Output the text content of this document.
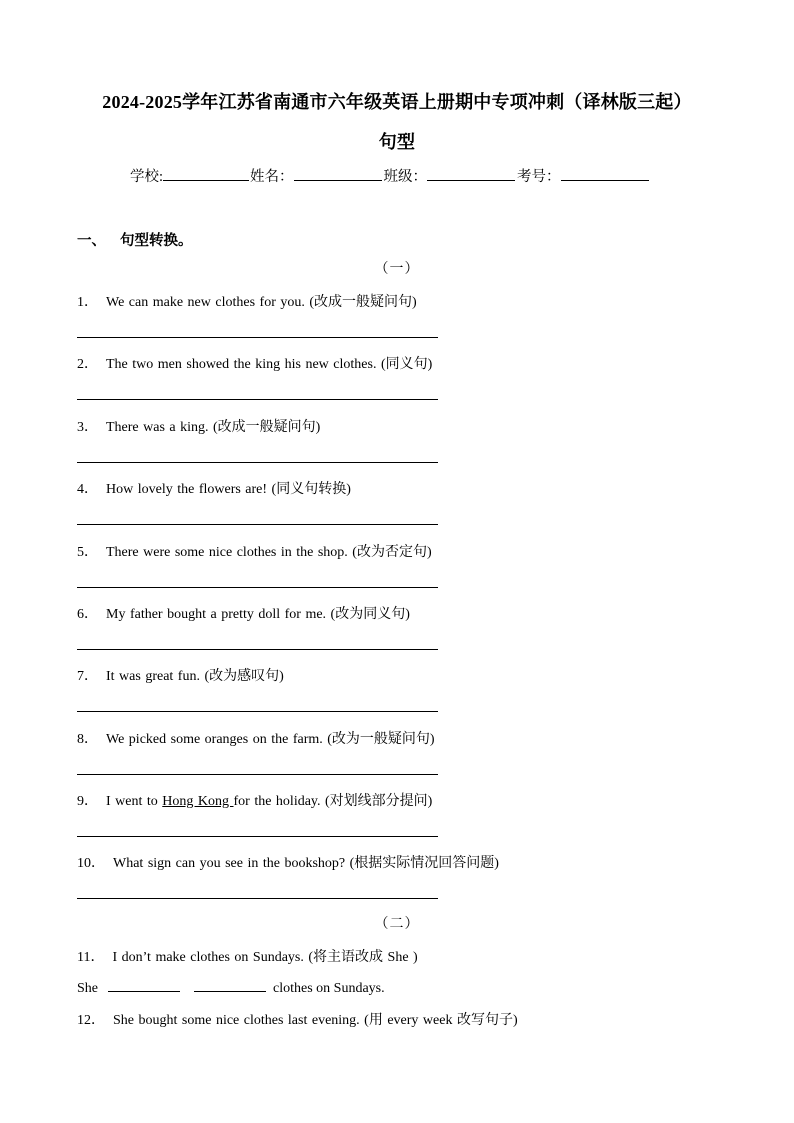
2024-2025学年江苏省南通市六年级英语上册期中专项冲刺（译林版三起）
句型
学校:	姓名：	班级：	考号：
一、 句型转换。
（一）
1． We can make new clothes for you. (改成一般疑问句)
2． The two men showed the king his new clothes. (同义句)
3． There was a king. (改成一般疑问句)
4． How lovely the flowers are! (同义句转换)
5． There were some nice clothes in the shop. (改为否定句)
6． My father bought a pretty doll for me. (改为同义句)
7． It was great fun. (改为感叹句)
8． We picked some oranges on the farm. (改为一般疑问句)
9． I went to Hong Kong for the holiday. (对划线部分提问)
10． What sign can you see in the bookshop? (根据实际情况回答问题)
（二）
11． I don’t make clothes on Sundays. (将主语改成 She )
She	clothes on Sundays.
12． She bought some nice clothes last evening. (用 every week 改写句子)
